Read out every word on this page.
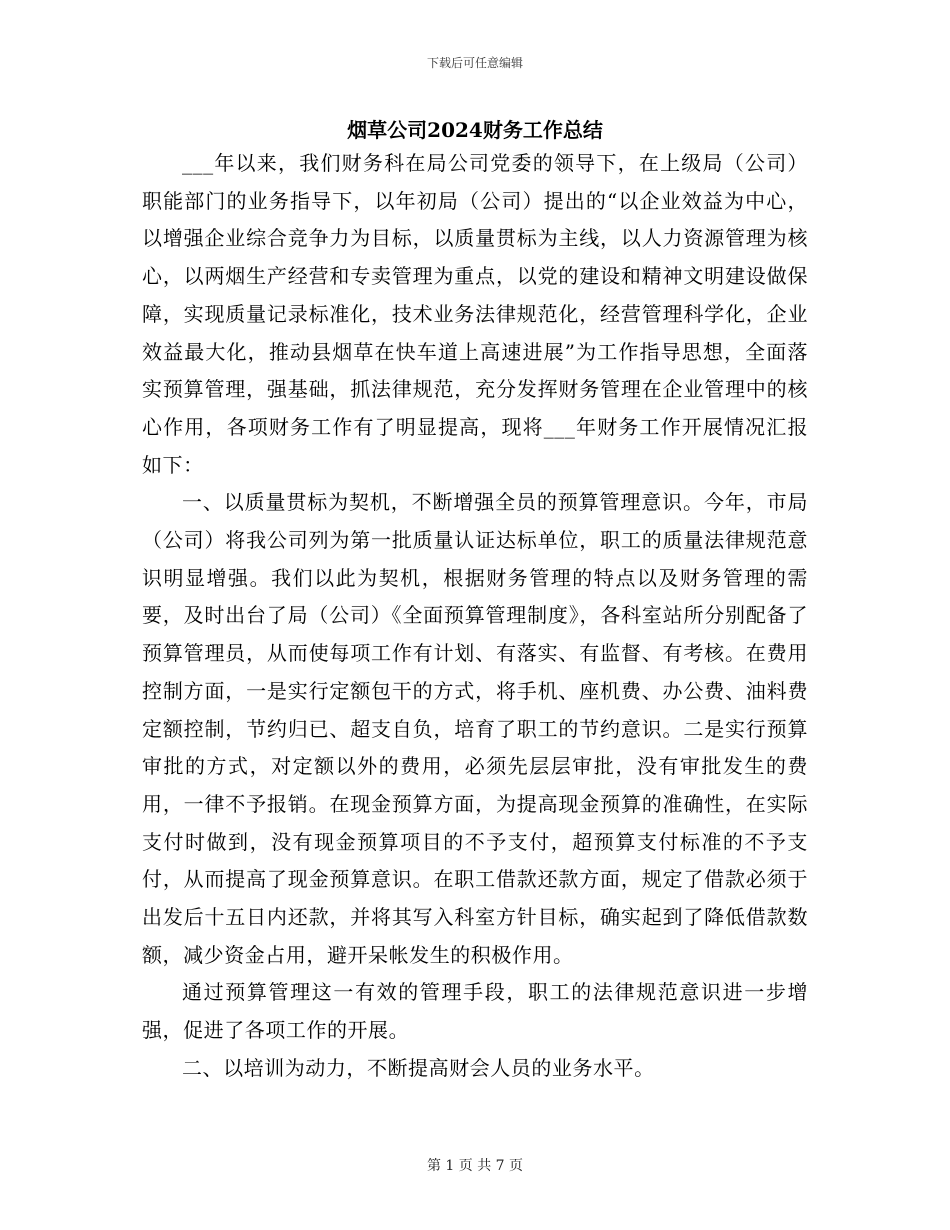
下载后可任意编辑
烟草公司2024财务工作总结

___年以来，我们财务科在局公司党委的领导下，在上级局（公司）职能部门的业务指导下，以年初局（公司）提出的“以企业效益为中心，以增强企业综合竞争力为目标，以质量贯标为主线，以人力资源管理为核心，以两烟生产经营和专卖管理为重点，以党的建设和精神文明建设做保障，实现质量记录标准化，技术业务法律规范化，经营管理科学化，企业效益最大化，推动县烟草在快车道上高速进展”为工作指导思想，全面落实预算管理，强基础，抓法律规范，充分发挥财务管理在企业管理中的核心作用，各项财务工作有了明显提高，现将___年财务工作开展情况汇报如下：

一、以质量贯标为契机，不断增强全员的预算管理意识。今年，市局（公司）将我公司列为第一批质量认证达标单位，职工的质量法律规范意识明显增强。我们以此为契机，根据财务管理的特点以及财务管理的需要，及时出台了局（公司）《全面预算管理制度》，各科室站所分别配备了预算管理员，从而使每项工作有计划、有落实、有监督、有考核。在费用控制方面，一是实行定额包干的方式，将手机、座机费、办公费、油料费定额控制，节约归已、超支自负，培育了职工的节约意识。二是实行预算审批的方式，对定额以外的费用，必须先层层审批，没有审批发生的费用，一律不予报销。在现金预算方面，为提高现金预算的准确性，在实际支付时做到，没有现金预算项目的不予支付，超预算支付标准的不予支付，从而提高了现金预算意识。在职工借款还款方面，规定了借款必须于出发后十五日内还款，并将其写入科室方针目标，确实起到了降低借款数额，减少资金占用，避开呆帐发生的积极作用。

通过预算管理这一有效的管理手段，职工的法律规范意识进一步增强，促进了各项工作的开展。

二、以培训为动力，不断提高财会人员的业务水平。

第 1 页 共 7 页
